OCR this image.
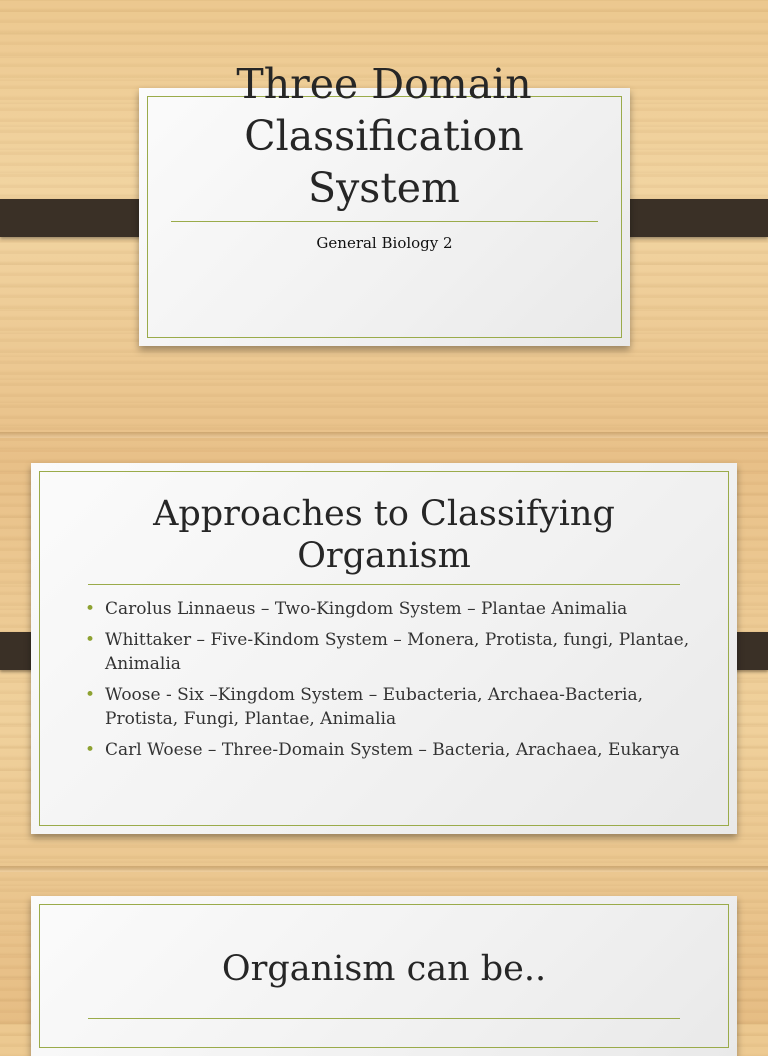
General Biology 2
Three Domain Classification System
Approaches to Classifying Organism
• Carolus Linnaeus – Two-Kingdom System – Plantae Animalia
• Whittaker – Five-Kindom System – Monera, Protista, fungi, Plantae, Animalia
• Woose - Six –Kingdom System – Eubacteria, Archaea-Bacteria, Protista, Fungi, Plantae, Animalia
• Carl Woese – Three-Domain System – Bacteria, Arachaea, Eukarya
Organism can be..
